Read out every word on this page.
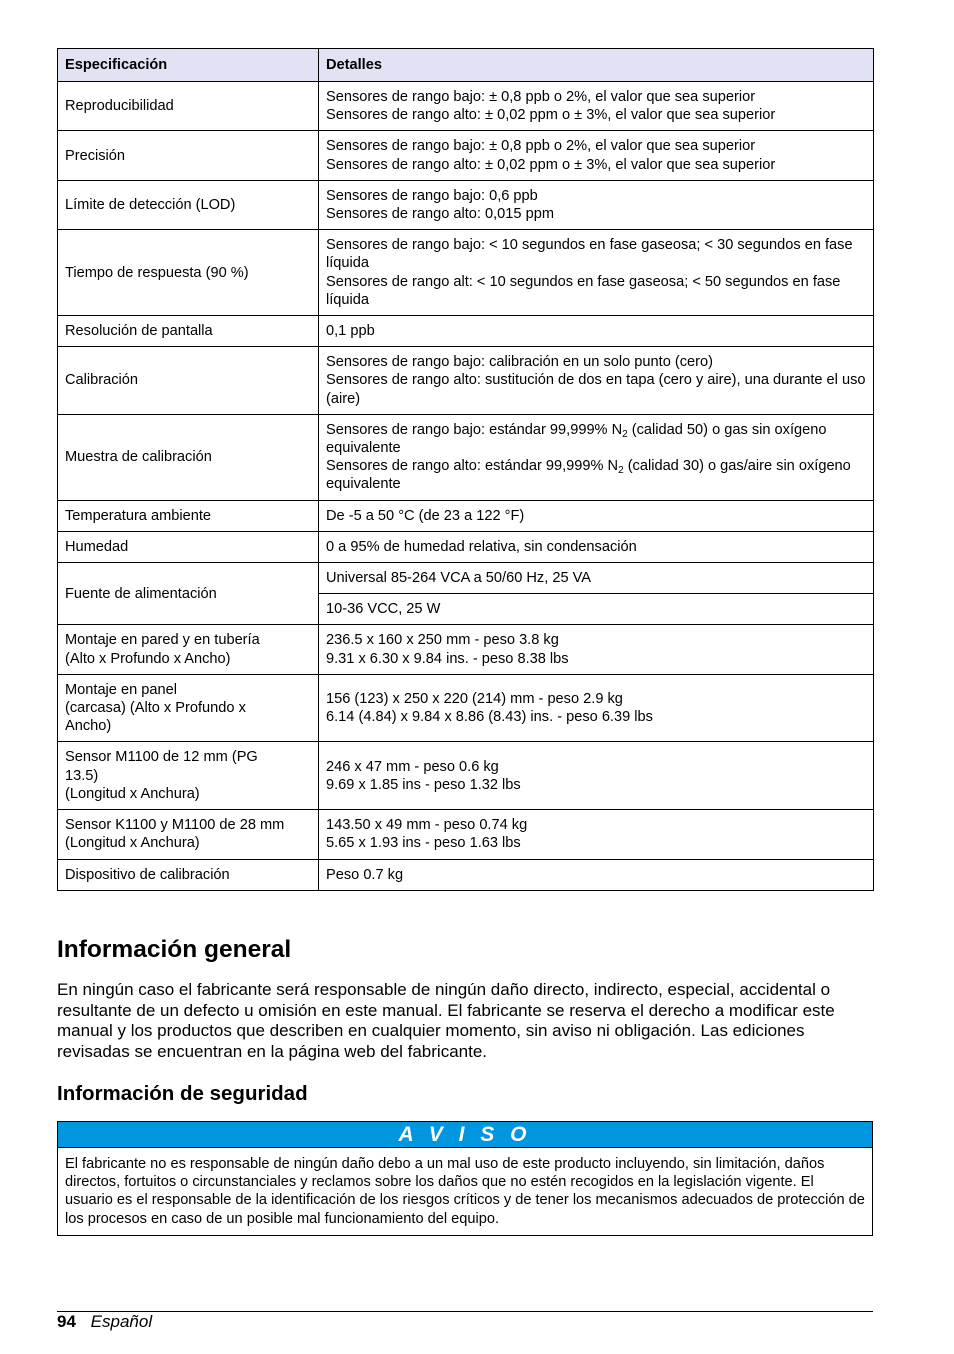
Especificación	Detalles

Reproducibilidad	Sensores de rango bajo: ± 0,8 ppb o 2%, el valor que sea superior
Sensores de rango alto: ± 0,02 ppm o ± 3%, el valor que sea superior

Precisión	Sensores de rango bajo: ± 0,8 ppb o 2%, el valor que sea superior
Sensores de rango alto: ± 0,02 ppm o ± 3%, el valor que sea superior

Límite de detección (LOD)	Sensores de rango bajo: 0,6 ppb
Sensores de rango alto: 0,015 ppm

Tiempo de respuesta (90 %)	Sensores de rango bajo: < 10 segundos en fase gaseosa; < 30 segundos en fase líquida
Sensores de rango alt: < 10 segundos en fase gaseosa; < 50 segundos en fase líquida

Resolución de pantalla	0,1 ppb

Calibración	Sensores de rango bajo: calibración en un solo punto (cero)
Sensores de rango alto: sustitución de dos en tapa (cero y aire), una durante el uso (aire)

Muestra de calibración	Sensores de rango bajo: estándar 99,999% $N_2$ (calidad 50) o gas sin oxígeno equivalente
Sensores de rango alto: estándar 99,999% $N_2$ (calidad 30) o gas/aire sin oxígeno equivalente

Temperatura ambiente	De -5 a 50 °C (de 23 a 122 °F)

Humedad	0 a 95% de humedad relativa, sin condensación

Fuente de alimentación	Universal 85-264 VCA a 50/60 Hz, 25 VA

	10-36 VCC, 25 W

Montaje en pared y en tubería
(Alto x Profundo x Ancho)	236.5 x 160 x 250 mm - peso 3.8 kg
9.31 x 6.30 x 9.84 ins. - peso 8.38 lbs

Montaje en panel
(carcasa) (Alto x Profundo x
Ancho)	156 (123) x 250 x 220 (214) mm - peso 2.9 kg
6.14 (4.84) x 9.84 x 8.86 (8.43) ins. - peso 6.39 lbs

Sensor M1100 de 12 mm (PG
13.5)
(Longitud x Anchura)	246 x 47 mm - peso 0.6 kg
9.69 x 1.85 ins - peso 1.32 lbs

Sensor K1100 y M1100 de 28 mm
(Longitud x Anchura)	143.50 x 49 mm - peso 0.74 kg
5.65 x 1.93 ins - peso 1.63 lbs

Dispositivo de calibración	Peso 0.7 kg
Información general

En ningún caso el fabricante será responsable de ningún daño directo, indirecto, especial, accidental o resultante de un defecto u omisión en este manual. El fabricante se reserva el derecho a modificar este manual y los productos que describen en cualquier momento, sin aviso ni obligación. Las ediciones revisadas se encuentran en la página web del fabricante.

Información de seguridad
A V I S O
El fabricante no es responsable de ningún daño debo a un mal uso de este producto incluyendo, sin limitación, daños directos, fortuitos o circunstanciales y reclamos sobre los daños que no estén recogidos en la legislación vigente. El usuario es el responsable de la identificación de los riesgos críticos y de tener los mecanismos adecuados de protección de los procesos en caso de un posible mal funcionamiento del equipo.
94 Español
